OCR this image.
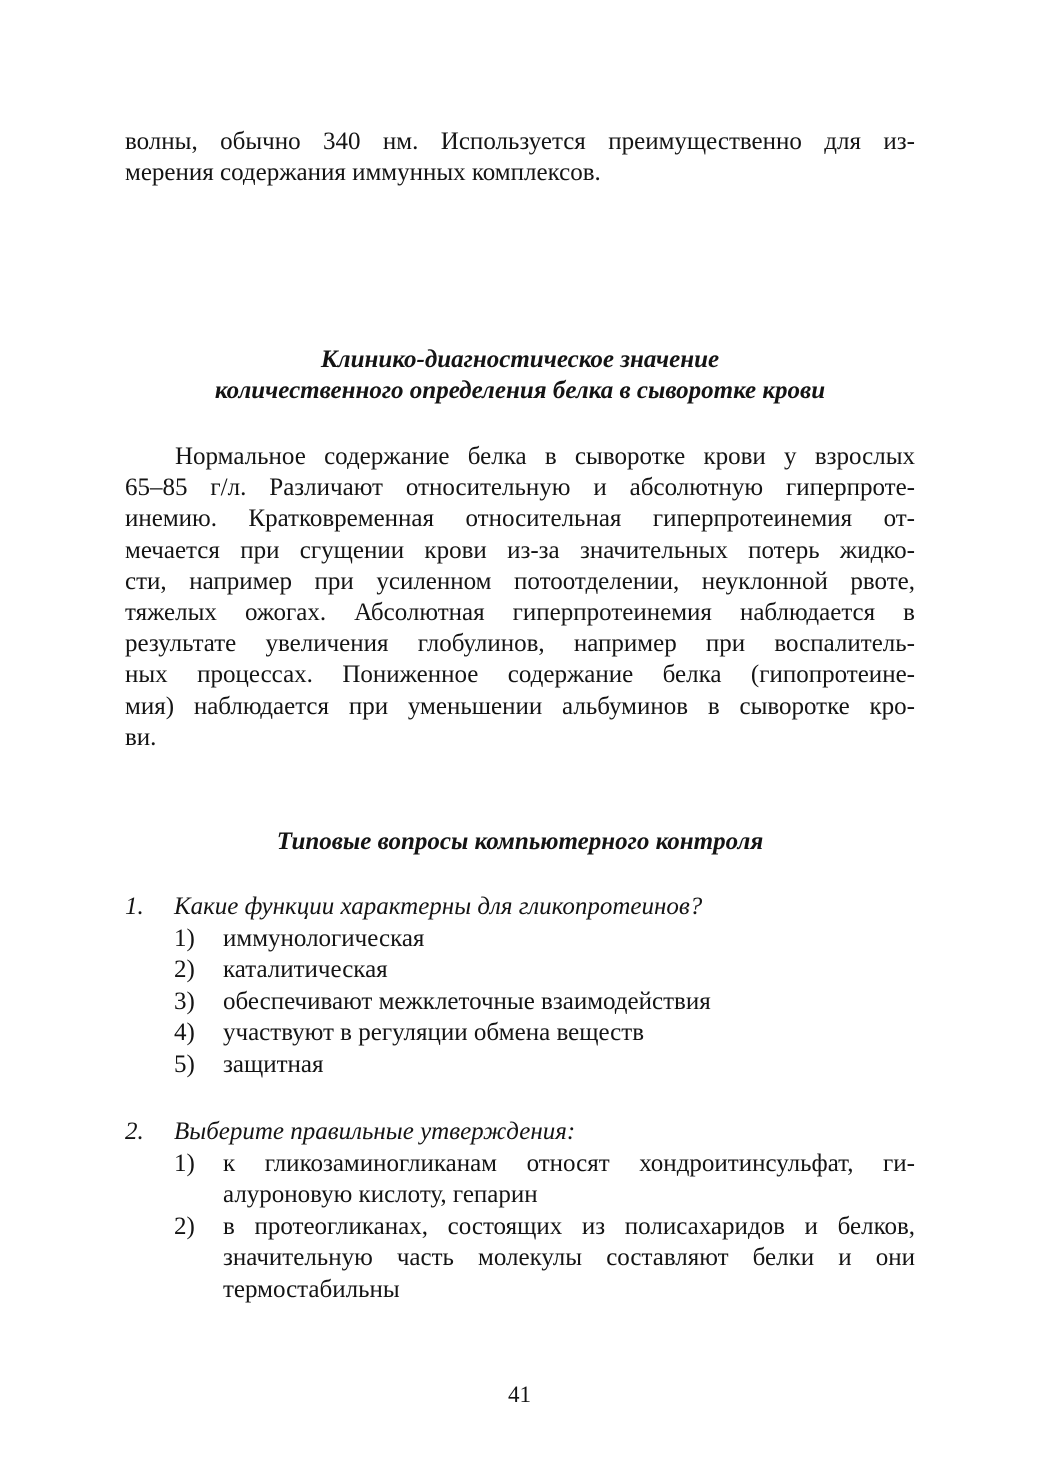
волны, обычно 340 нм. Используется преимущественно для из-
мерения содержания иммунных комплексов.
Клинико-диагностическое значение
количественного определения белка в сыворотке крови
Нормальное содержание белка в сыворотке крови у взрослых
65–85 г/л. Различают относительную и абсолютную гиперпроте-
инемию. Кратковременная относительная гиперпротеинемия от-
мечается при сгущении крови из-за значительных потерь жидко-
сти, например при усиленном потоотделении, неуклонной рвоте,
тяжелых ожогах. Абсолютная гиперпротеинемия наблюдается в
результате увеличения глобулинов, например при воспалитель-
ных процессах. Пониженное содержание белка (гипопротеине-
мия) наблюдается при уменьшении альбуминов в сыворотке кро-
ви.
Типовые вопросы компьютерного контроля
1.	Какие функции характерны для гликопротеинов?
1)	иммунологическая
2)	каталитическая
3)	обеспечивают межклеточные взаимодействия
4)	участвуют в регуляции обмена веществ
5)	защитная
2.	Выберите правильные утверждения:
1)	к гликозаминогликанам относят хондроитинсульфат, ги-
алуроновую кислоту, гепарин
2)	в протеогликанах, состоящих из полисахаридов и белков,
значительную часть молекулы составляют белки и они
термостабильны
41
